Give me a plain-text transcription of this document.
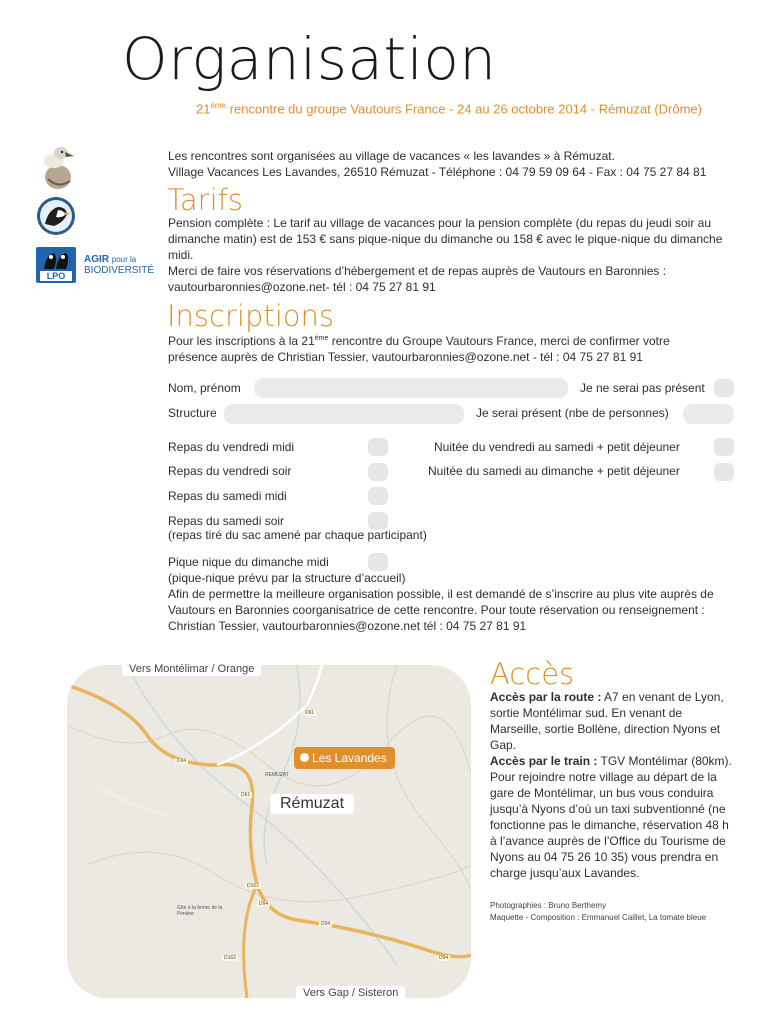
Organisation
21ème rencontre du groupe Vautours France - 24 au 26 octobre 2014 - Rémuzat (Drôme)
LPO
AGIR pour la
BIODIVERSITÉ
Les rencontres sont organisées au village de vacances « les lavandes » à Rémuzat.
Village Vacances Les Lavandes, 26510 Rémuzat - Téléphone : 04 79 59 09 64 - Fax : 04 75 27 84 81
Tarifs
Pension complète : Le tarif au village de vacances pour la pension complète (du repas du jeudi soir au dimanche matin) est de 153 € sans pique-nique du dimanche ou 158 € avec le pique-nique du dimanche midi.
Merci de faire vos réservations d’hébergement et de repas auprès de Vautours en Baronnies : vautourbaronnies@ozone.net- tél : 04 75 27 81 91
Inscriptions
Pour les inscriptions à la 21ème rencontre du Groupe Vautours France, merci de confirmer votre présence auprès de Christian Tessier, vautourbaronnies@ozone.net - tél : 04 75 27 81 91
Nom, prénom	Je ne serai pas présent
Structure	Je serai présent (nbe de personnes)
Repas du vendredi midi	Nuitée du vendredi au samedi + petit déjeuner
Repas du vendredi soir	Nuitée du samedi au dimanche + petit déjeuner
Repas du samedi midi
Repas du samedi soir
(repas tiré du sac amené par chaque participant)
Pique nique du dimanche midi
(pique-nique prévu par la structure d’accueil)
Afin de permettre la meilleure organisation possible, il est demandé de s’inscrire au plus vite auprès de Vautours en Baronnies coorganisatrice de cette rencontre. Pour toute réservation ou renseignement : Christian Tessier, vautourbaronnies@ozone.net tél : 04 75 27 81 91
D61
D94
D61
D162
D94
D94
D162	D94
REMUZAT
Gîte à la ferme de la Pimière
Vers Montélimar / Orange
Vers Gap / Sisteron
Les Lavandes
Rémuzat
Accès
Accès par la route : A7 en venant de Lyon, sortie Montélimar sud. En venant de Marseille, sortie Bollène, direction Nyons et Gap.
Accès par le train : TGV Montélimar (80km). Pour rejoindre notre village au départ de la gare de Montélimar, un bus vous conduira jusqu’à Nyons d’où un taxi subventionné (ne fonctionne pas le dimanche, réservation 48 h à l’avance auprès de l’Office du Tourisme de Nyons au 04 75 26 10 35) vous prendra en charge jusqu’aux Lavandes.
Photographies : Bruno Berthemy
Maquette - Composition : Emmanuel Caillet, La tomate bleue
